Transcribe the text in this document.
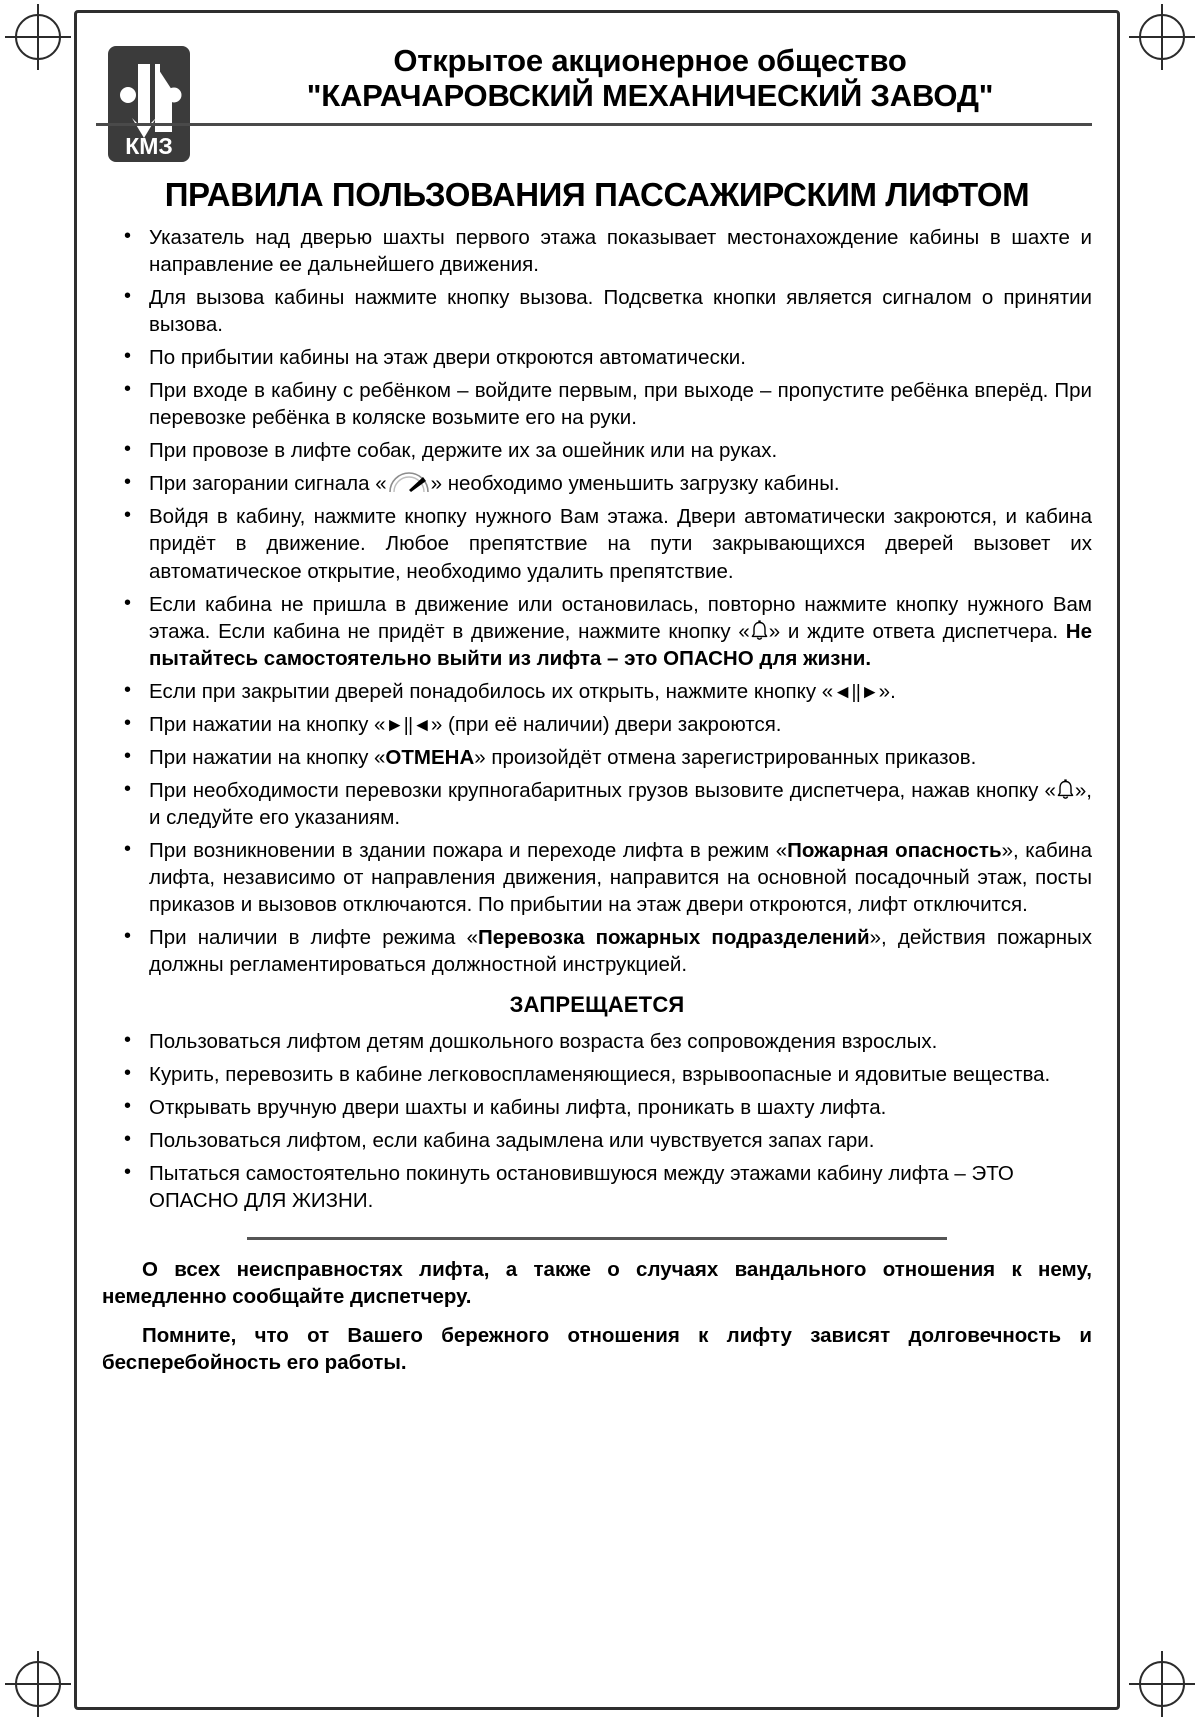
КМЗ
Открытое акционерное общество
"КАРАЧАРОВСКИЙ МЕХАНИЧЕСКИЙ ЗАВОД"
ПРАВИЛА ПОЛЬЗОВАНИЯ ПАССАЖИРСКИМ ЛИФТОМ
• Указатель над дверью шахты первого этажа показывает местонахождение кабины в шахте и направление ее дальнейшего движения.
• Для вызова кабины нажмите кнопку вызова. Подсветка кнопки является сигналом о принятии вызова.
• По прибытии кабины на этаж двери откроются автоматически.
• При входе в кабину с ребёнком – войдите первым, при выходе – пропустите ребёнка вперёд. При перевозке ребёнка в коляске возьмите его на руки.
• При провозе в лифте собак, держите их за ошейник или на руках.
• При загорании сигнала « » необходимо уменьшить загрузку кабины.
• Войдя в кабину, нажмите кнопку нужного Вам этажа. Двери автоматически закроются, и кабина придёт в движение. Любое препятствие на пути закрывающихся дверей вызовет их автоматическое открытие, необходимо удалить препятствие.
• Если кабина не пришла в движение или остановилась, повторно нажмите кнопку нужного Вам этажа. Если кабина не придёт в движение, нажмите кнопку « » и ждите ответа диспетчера. Не пытайтесь самостоятельно выйти из лифта – это ОПАСНО для жизни.
• Если при закрытии дверей понадобилось их открыть, нажмите кнопку «◄||►».
• При нажатии на кнопку «►||◄» (при её наличии) двери закроются.
• При нажатии на кнопку «ОТМЕНА» произойдёт отмена зарегистрированных приказов.
• При необходимости перевозки крупногабаритных грузов вызовите диспетчера, нажав кнопку « », и следуйте его указаниям.
• При возникновении в здании пожара и переходе лифта в режим «Пожарная опасность», кабина лифта, независимо от направления движения, направится на основной посадочный этаж, посты приказов и вызовов отключаются. По прибытии на этаж двери откроются, лифт отключится.
• При наличии в лифте режима «Перевозка пожарных подразделений», действия пожарных должны регламентироваться должностной инструкцией.
ЗАПРЕЩАЕТСЯ
• Пользоваться лифтом детям дошкольного возраста без сопровождения взрослых.
• Курить, перевозить в кабине легковоспламеняющиеся, взрывоопасные и ядовитые вещества.
• Открывать вручную двери шахты и кабины лифта, проникать в шахту лифта.
• Пользоваться лифтом, если кабина задымлена или чувствуется запах гари.
• Пытаться самостоятельно покинуть остановившуюся между этажами кабину лифта – ЭТО ОПАСНО ДЛЯ ЖИЗНИ.
О всех неисправностях лифта, а также о случаях вандального отношения к нему, немедленно сообщайте диспетчеру.
Помните, что от Вашего бережного отношения к лифту зависят долговечность и бесперебойность его работы.
